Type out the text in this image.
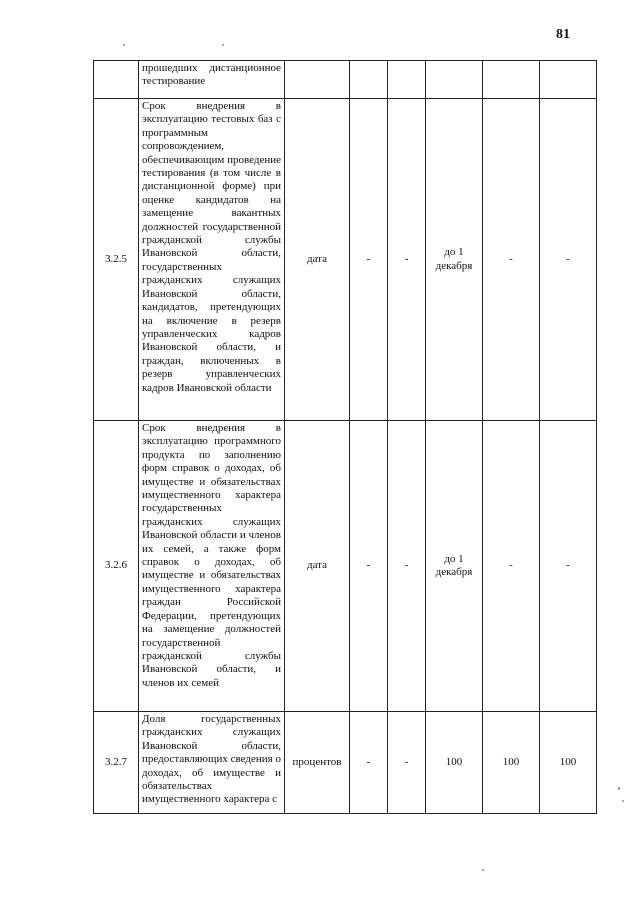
81
	прошедших дистанционное тестирование						
3.2.5	Срок внедрения в эксплуатацию тестовых баз с программным сопровождением, обеспечивающим проведение тестирования (в том числе в дистанционной форме) при оценке кандидатов на замещение вакантных должностей государственной гражданской службы Ивановской области, государственных гражданских служащих Ивановской области, кандидатов, претендующих на включение в резерв управленческих кадров Ивановской области, и граждан, включенных в резерв управленческих кадров Ивановской области	дата	-	-	до 1 декабря	-	-
3.2.6	Срок внедрения в эксплуатацию программного продукта по заполнению форм справок о доходах, об имуществе и обязательствах имущественного характера государственных гражданских служащих Ивановской области и членов их семей, а также форм справок о доходах, об имуществе и обязательствах имущественного характера граждан Российской Федерации, претендующих на замещение должностей государственной гражданской службы Ивановской области, и членов их семей	дата	-	-	до 1 декабря	-	-
3.2.7	Доля государственных гражданских служащих Ивановской области, предоставляющих сведения о доходах, об имуществе и обязательствах имущественного характера с	процентов	-	-	100	100	100
